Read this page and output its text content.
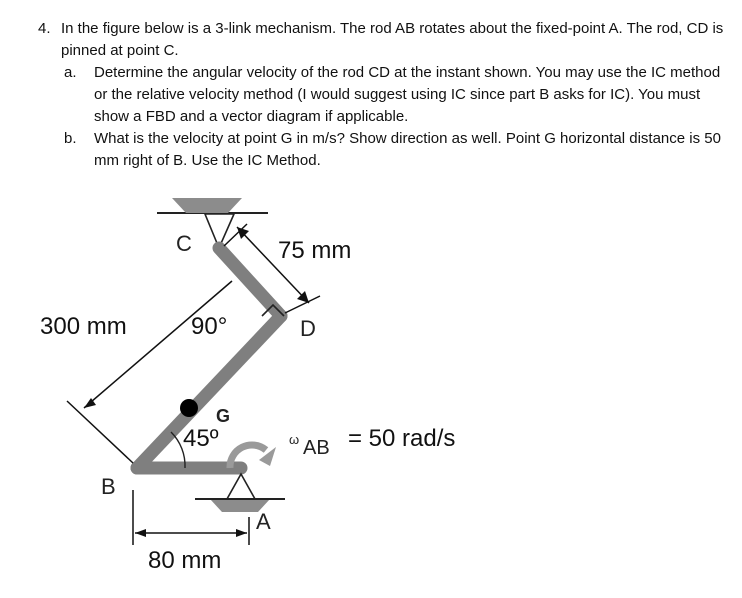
4. In the figure below is a 3-link mechanism. The rod AB rotates about the fixed-point A. The rod, CD is pinned at point C.
a. Determine the angular velocity of the rod CD at the instant shown. You may use the IC method or the relative velocity method (I would suggest using IC since part B asks for IC). You must show a FBD and a vector diagram if applicable.
b. What is the velocity at point G in m/s? Show direction as well. Point G horizontal distance is 50 mm right of B. Use the IC Method.
C
D
B
A
G
75 mm
300 mm	90°
45º
80 mm
ω AB = 50 rad/s
